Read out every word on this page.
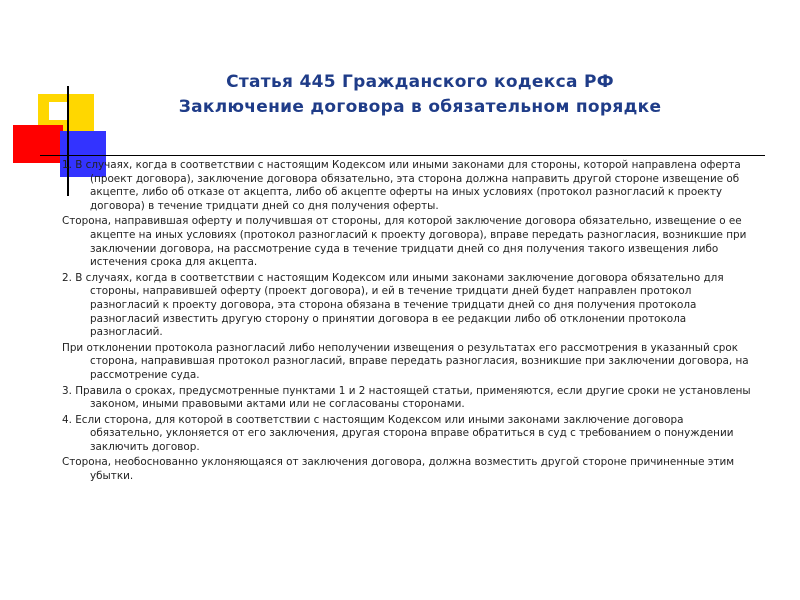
Статья 445 Гражданского кодекса РФ
Заключение договора в обязательном порядке

1. В случаях, когда в соответствии с настоящим Кодексом или иными законами для стороны, которой направлена оферта (проект договора), заключение договора обязательно, эта сторона должна направить другой стороне извещение об акцепте, либо об отказе от акцепта, либо об акцепте оферты на иных условиях (протокол разногласий к проекту договора) в течение тридцати дней со дня получения оферты.

Сторона, направившая оферту и получившая от стороны, для которой заключение договора обязательно, извещение о ее акцепте на иных условиях (протокол разногласий к проекту договора), вправе передать разногласия, возникшие при заключении договора, на рассмотрение суда в течение тридцати дней со дня получения такого извещения либо истечения срока для акцепта.

2. В случаях, когда в соответствии с настоящим Кодексом или иными законами заключение договора обязательно для стороны, направившей оферту (проект договора), и ей в течение тридцати дней будет направлен протокол разногласий к проекту договора, эта сторона обязана в течение тридцати дней со дня получения протокола разногласий известить другую сторону о принятии договора в ее редакции либо об отклонении протокола разногласий.

При отклонении протокола разногласий либо неполучении извещения о результатах его рассмотрения в указанный срок сторона, направившая протокол разногласий, вправе передать разногласия, возникшие при заключении договора, на рассмотрение суда.

3. Правила о сроках, предусмотренные пунктами 1 и 2 настоящей статьи, применяются, если другие сроки не установлены законом, иными правовыми актами или не согласованы сторонами.

4. Если сторона, для которой в соответствии с настоящим Кодексом или иными законами заключение договора обязательно, уклоняется от его заключения, другая сторона вправе обратиться в суд с требованием о понуждении заключить договор.

Сторона, необоснованно уклоняющаяся от заключения договора, должна возместить другой стороне причиненные этим убытки.
